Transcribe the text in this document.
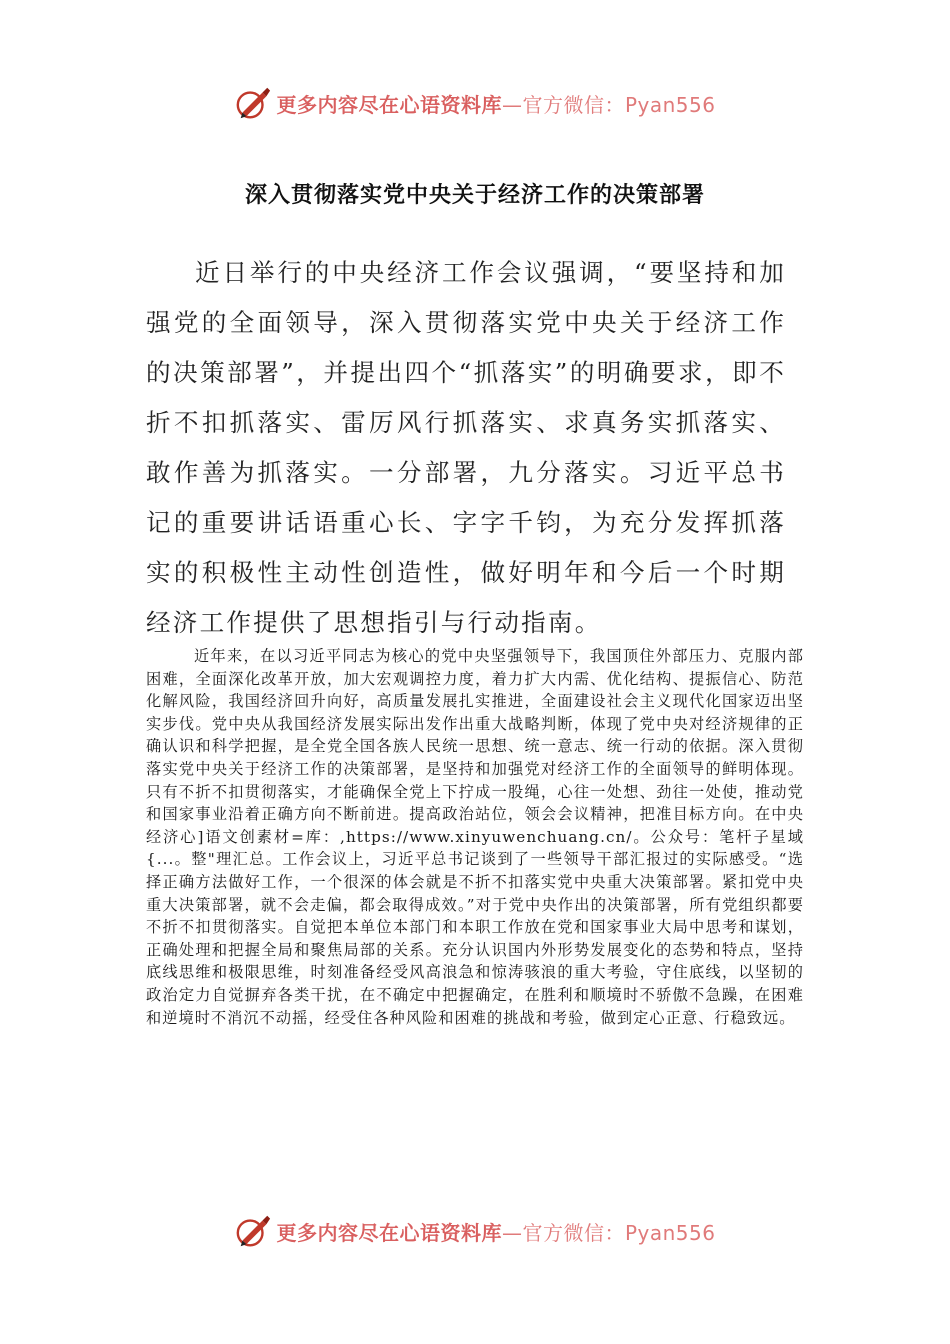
更多内容尽在心语资料库—官方微信：Pyan556
深入贯彻落实党中央关于经济工作的决策部署

近日举行的中央经济工作会议强调，“要坚持和加强党的全面领导，深入贯彻落实党中央关于经济工作的决策部署”，并提出四个“抓落实”的明确要求，即不折不扣抓落实、雷厉风行抓落实、求真务实抓落实、敢作善为抓落实。一分部署，九分落实。习近平总书记的重要讲话语重心长、字字千钧，为充分发挥抓落实的积极性主动性创造性，做好明年和今后一个时期经济工作提供了思想指引与行动指南。

近年来，在以习近平同志为核心的党中央坚强领导下，我国顶住外部压力、克服内部困难，全面深化改革开放，加大宏观调控力度，着力扩大内需、优化结构、提振信心、防范化解风险，我国经济回升向好，高质量发展扎实推进，全面建设社会主义现代化国家迈出坚实步伐。党中央从我国经济发展实际出发作出重大战略判断，体现了党中央对经济规律的正确认识和科学把握，是全党全国各族人民统一思想、统一意志、统一行动的依据。深入贯彻落实党中央关于经济工作的决策部署，是坚持和加强党对经济工作的全面领导的鲜明体现。只有不折不扣贯彻落实，才能确保全党上下拧成一股绳，心往一处想、劲往一处使，推动党和国家事业沿着正确方向不断前进。提高政治站位，领会会议精神，把准目标方向。在中央经济心]语文创素材=库：,https://www.xinyuwenchuang.cn/。公众号：笔杆子星域{...。整"理汇总。工作会议上，习近平总书记谈到了一些领导干部汇报过的实际感受。“选择正确方法做好工作，一个很深的体会就是不折不扣落实党中央重大决策部署。紧扣党中央重大决策部署，就不会走偏，都会取得成效。”对于党中央作出的决策部署，所有党组织都要不折不扣贯彻落实。自觉把本单位本部门和本职工作放在党和国家事业大局中思考和谋划，正确处理和把握全局和聚焦局部的关系。充分认识国内外形势发展变化的态势和特点，坚持底线思维和极限思维，时刻准备经受风高浪急和惊涛骇浪的重大考验，守住底线，以坚韧的政治定力自觉摒弃各类干扰，在不确定中把握确定，在胜利和顺境时不骄傲不急躁，在困难和逆境时不消沉不动摇，经受住各种风险和困难的挑战和考验，做到定心正意、行稳致远。

更多内容尽在心语资料库—官方微信：Pyan556
